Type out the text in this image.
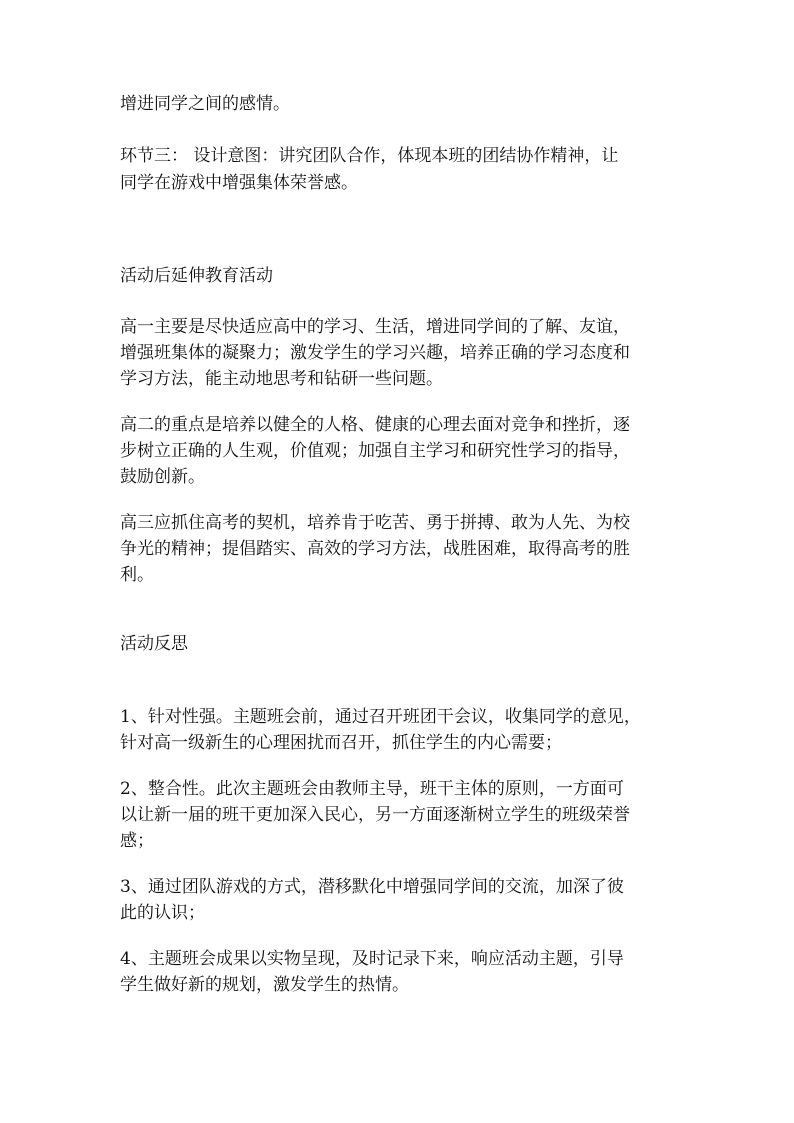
增进同学之间的感情。
环节三： 设计意图：讲究团队合作，体现本班的团结协作精神，让
同学在游戏中增强集体荣誉感。
活动后延伸教育活动
高一主要是尽快适应高中的学习、生活，增进同学间的了解、友谊，
增强班集体的凝聚力；激发学生的学习兴趣，培养正确的学习态度和
学习方法，能主动地思考和钻研一些问题。
高二的重点是培养以健全的人格、健康的心理去面对竞争和挫折，逐
步树立正确的人生观，价值观；加强自主学习和研究性学习的指导，
鼓励创新。
高三应抓住高考的契机，培养肯于吃苦、勇于拼搏、敢为人先、为校
争光的精神；提倡踏实、高效的学习方法，战胜困难，取得高考的胜
利。
活动反思
1、针对性强。主题班会前，通过召开班团干会议，收集同学的意见，
针对高一级新生的心理困扰而召开，抓住学生的内心需要；
2、整合性。此次主题班会由教师主导，班干主体的原则，一方面可
以让新一届的班干更加深入民心，另一方面逐渐树立学生的班级荣誉
感；
3、通过团队游戏的方式，潜移默化中增强同学间的交流，加深了彼
此的认识；
4、主题班会成果以实物呈现，及时记录下来，响应活动主题，引导
学生做好新的规划，激发学生的热情。
